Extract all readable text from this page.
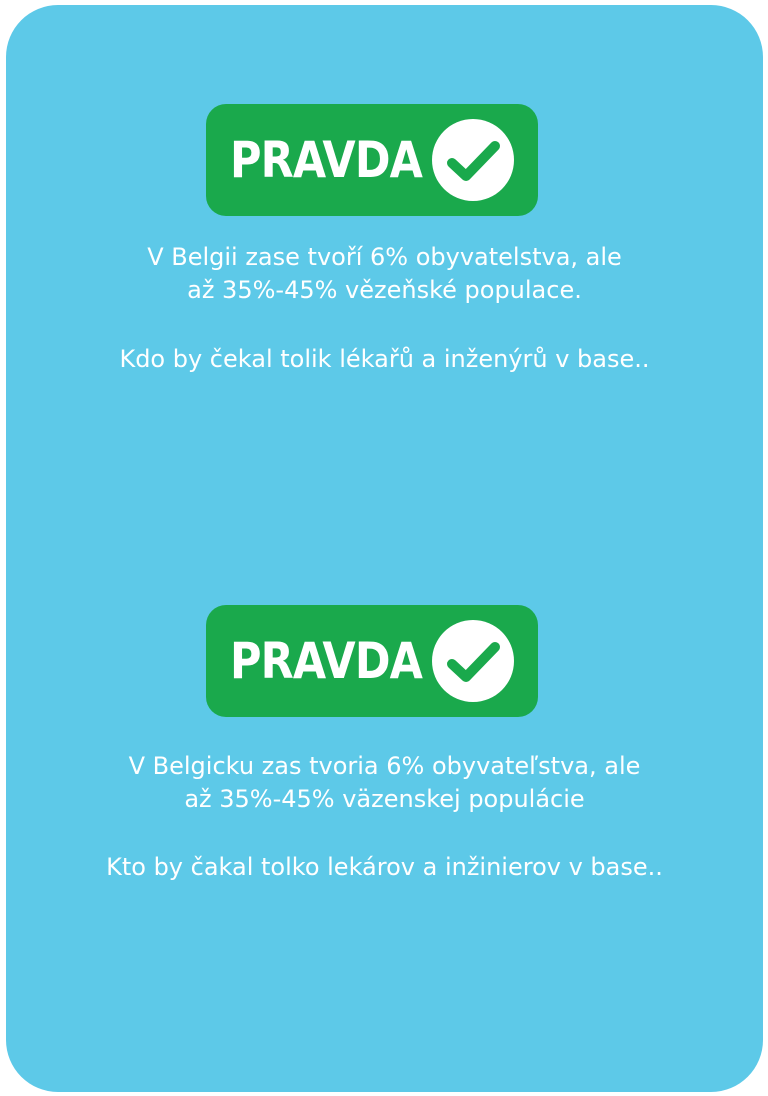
PRAVDA

V Belgii zase tvoří 6% obyvatelstva, ale

až 35%-45% vězeňské populace.

Kdo by čekal tolik lékařů a inženýrů v base..

PRAVDA

V Belgicku zas tvoria 6% obyvateľstva, ale

až 35%-45% väzenskej populácie

Kto by čakal tolko lekárov a inžinierov v base..
